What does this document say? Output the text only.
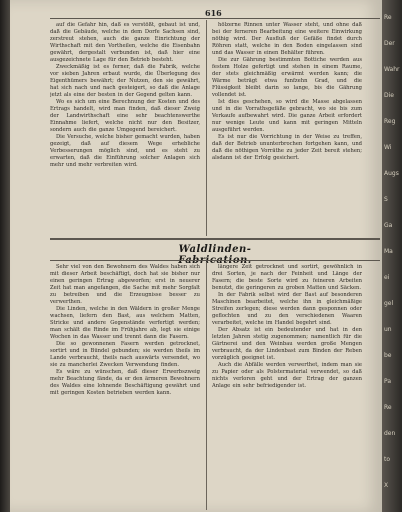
616

auf die Gefahr hin, daß es verstößt, gebaut ist und, daß die Gebäude, welche in dem Dorfe Sachsen sind, zerstreut stehen, auch die ganze Einrichtung der Wirthschaft mit den Vortheilen, welche die Eisenbahn gewährt, dergestalt verbunden ist, daß hier eine ausgezeichnete Lage für den Betrieb besteht.

Zweckmäßig ist es ferner, daß die Fabrik, welche vor sieben Jahren erbaut wurde, die Überlegung des Eigenthümers bewährt; der Nutzen, den sie gewährt, hat sich nach und nach gesteigert, so daß die Anlage jetzt als eine der besten in der Gegend gelten kann.

Wo es sich um eine Berechnung der Kosten und des Ertrags handelt, wird man finden, daß dieser Zweig der Landwirthschaft eine sehr beachtenswerthe Einnahme liefert, welche nicht nur den Besitzer, sondern auch die ganze Umgegend bereichert.

Die Versuche, welche bisher gemacht wurden, haben gezeigt, daß auf diesem Wege erhebliche Verbesserungen möglich sind, und es steht zu erwarten, daß die Einführung solcher Anlagen sich mehr und mehr verbreiten wird.

hölzerne Rinnen unter Wasser steht, und ohne daß bei der ferneren Bearbeitung eine weitere Einwirkung nöthig wird. Der Ausfluß der Gefäße findet durch Röhren statt, welche in den Boden eingelassen sind und das Wasser in einen Behälter führen.

Die zur Gährung bestimmten Bottiche werden aus festem Holze gefertigt und stehen in einem Raume, der stets gleichmäßig erwärmt werden kann; die Wärme beträgt etwa funfzehn Grad, und die Flüssigkeit bleibt darin so lange, bis die Gährung vollendet ist.

Ist dies geschehen, so wird die Masse abgelassen und in die Vorrathsgefäße gebracht, wo sie bis zum Verkaufe aufbewahrt wird. Die ganze Arbeit erfordert nur wenige Leute und kann mit geringen Mitteln ausgeführt werden.

Es ist nur die Vorrichtung in der Weise zu treffen, daß der Betrieb ununterbrochen fortgehen kann, und daß die nöthigen Vorräthe zu jeder Zeit bereit stehen; alsdann ist der Erfolg gesichert.

Waldlinden-

Sehr viel von den Bewohnern des Waldes haben sich mit dieser Arbeit beschäftigt, doch hat sie bisher nur einen geringen Ertrag abgeworfen; erst in neuerer Zeit hat man angefangen, die Sache mit mehr Sorgfalt zu betreiben und die Erzeugnisse besser zu verwerthen.

Die Linden, welche in den Wäldern in großer Menge wachsen, liefern den Bast, aus welchem Matten, Stricke und andere Gegenstände verfertigt werden; man schält die Rinde im Frühjahre ab, legt sie einige Wochen in das Wasser und trennt dann die Fasern.

Die so gewonnenen Fasern werden getrocknet, sortirt und in Bündel gebunden; sie werden theils im Lande verbraucht, theils nach auswärts versendet, wo sie zu mancherlei Zwecken Verwendung finden.

Es wäre zu wünschen, daß dieser Erwerbszweig mehr Beachtung fände, da er den ärmeren Bewohnern des Waldes eine lohnende Beschäftigung gewährt und mit geringen Kosten betrieben werden kann.

längere Zeit getrocknet und sortirt, gewöhnlich in drei Sorten, je nach der Feinheit und Länge der Fasern; die beste Sorte wird zu feineren Arbeiten benutzt, die geringeren zu groben Matten und Säcken.

In der Fabrik selbst wird der Bast auf besonderen Maschinen bearbeitet, welche ihn in gleichmäßige Streifen zerlegen; diese werden dann gesponnen oder geflochten und zu den verschiedenen Waaren verarbeitet, welche im Handel begehrt sind.

Der Absatz ist ein bedeutender und hat in den letzten Jahren stetig zugenommen; namentlich für die Gärtnerei und den Weinbau werden große Mengen verbraucht, da der Lindenbast zum Binden der Reben vorzüglich geeignet ist.

Auch die Abfälle werden verwerthet, indem man sie zu Papier oder als Polstermaterial verwendet, so daß nichts verloren geht und der Ertrag der ganzen Anlage ein sehr befriedigender ist.

Re
Der
Wahr
Die
Reg
Wi
Augs
S
Ga
Ma
ei
gel
un
be
Pa
Re
den
to
X
